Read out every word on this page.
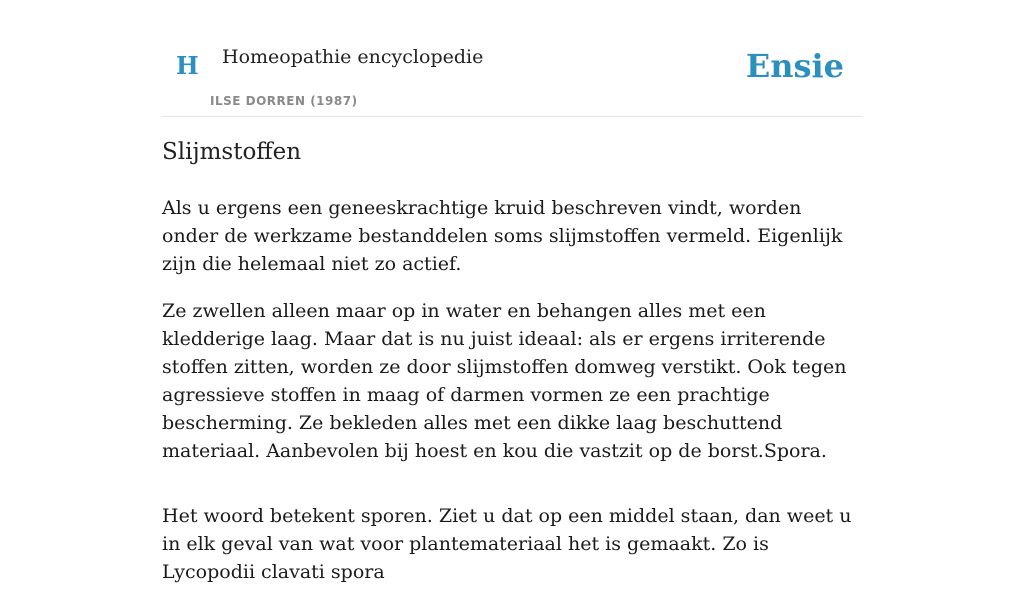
H Homeopathie encyclopedie
ILSE DORREN (1987)
Ensie
Slijmstoffen

Als u ergens een geneeskrachtige kruid beschreven vindt, worden onder de werkzame bestanddelen soms slijmstoffen vermeld. Eigenlijk zijn die helemaal niet zo actief.

Ze zwellen alleen maar op in water en behangen alles met een kledderige laag. Maar dat is nu juist ideaal: als er ergens irriterende stoffen zitten, worden ze door slijmstoffen domweg verstikt. Ook tegen agressieve stoffen in maag of darmen vormen ze een prachtige bescherming. Ze bekleden alles met een dikke laag beschuttend materiaal. Aanbevolen bij hoest en kou die vastzit op de borst.Spora.

Het woord betekent sporen. Ziet u dat op een middel staan, dan weet u in elk geval van wat voor plantemateriaal het is gemaakt. Zo is Lycopodii clavati spora
